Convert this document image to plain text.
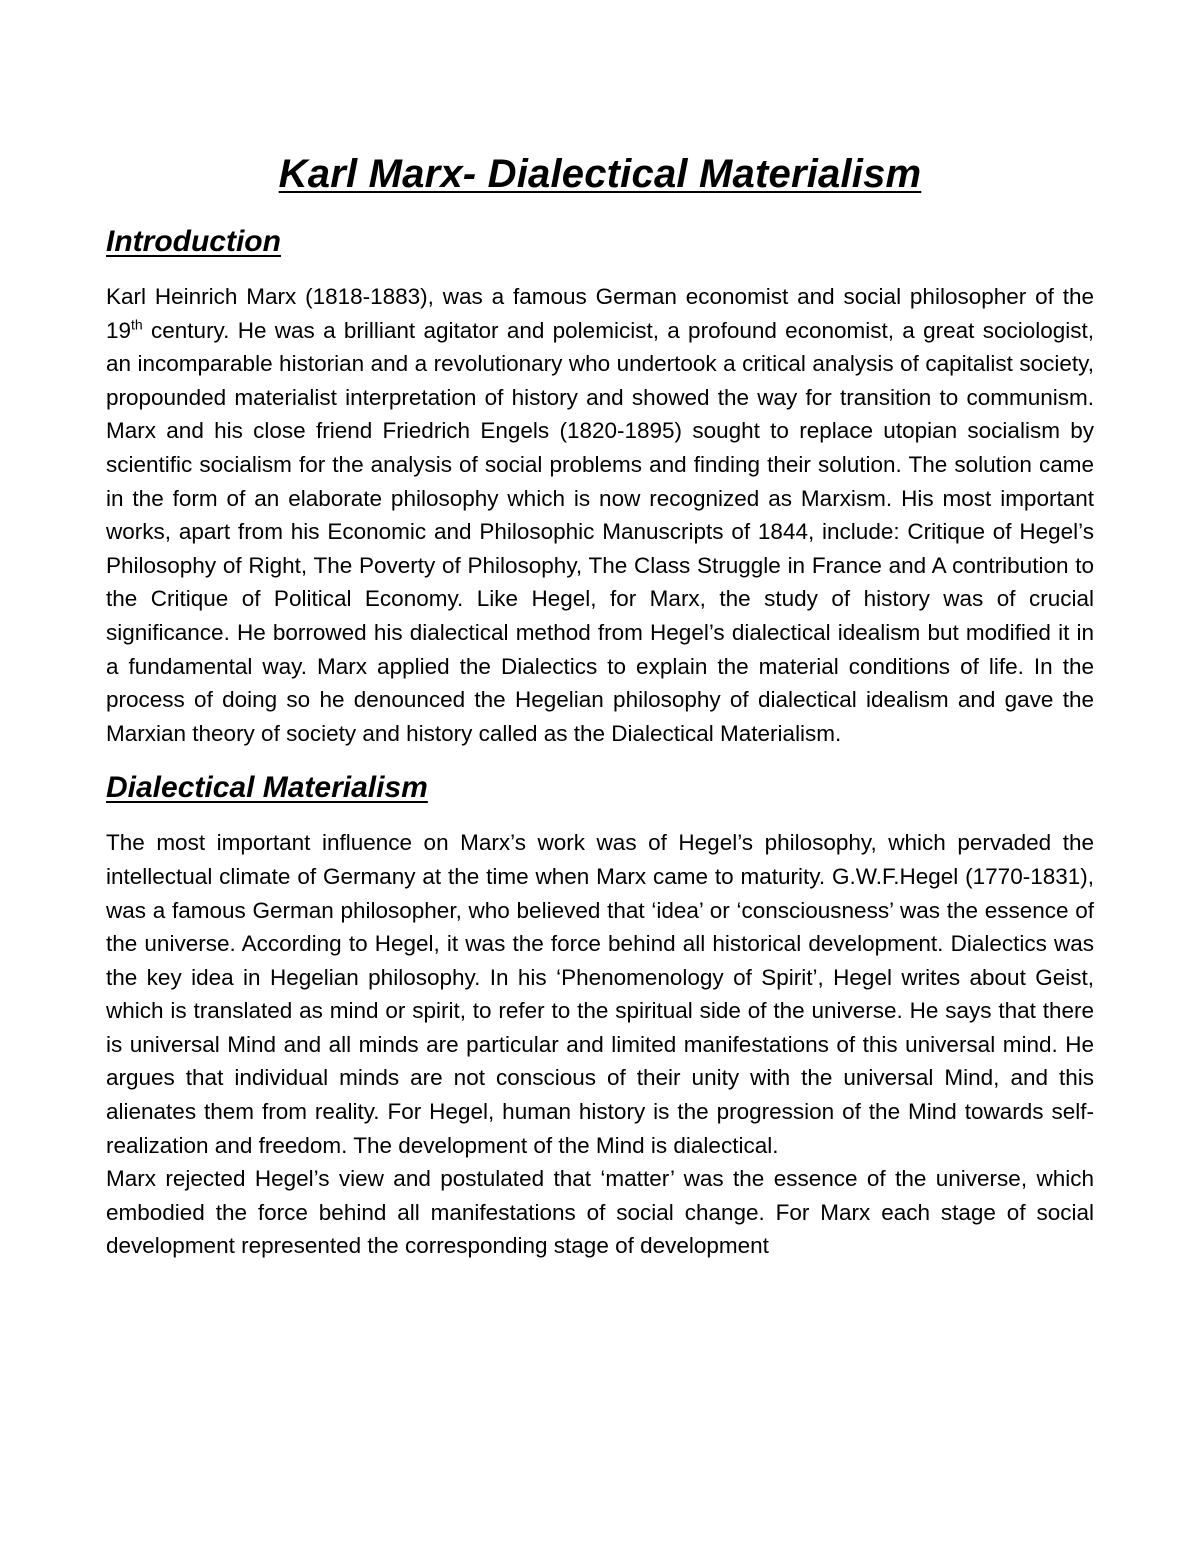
Karl Marx- Dialectical Materialism
Introduction

Karl Heinrich Marx (1818-1883), was a famous German economist and social philosopher of the 19th century. He was a brilliant agitator and polemicist, a profound economist, a great sociologist, an incomparable historian and a revolutionary who undertook a critical analysis of capitalist society, propounded materialist interpretation of history and showed the way for transition to communism. Marx and his close friend Friedrich Engels (1820-1895) sought to replace utopian socialism by scientific socialism for the analysis of social problems and finding their solution. The solution came in the form of an elaborate philosophy which is now recognized as Marxism. His most important works, apart from his Economic and Philosophic Manuscripts of 1844, include: Critique of Hegel’s Philosophy of Right, The Poverty of Philosophy, The Class Struggle in France and A contribution to the Critique of Political Economy. Like Hegel, for Marx, the study of history was of crucial significance. He borrowed his dialectical method from Hegel’s dialectical idealism but modified it in a fundamental way. Marx applied the Dialectics to explain the material conditions of life. In the process of doing so he denounced the Hegelian philosophy of dialectical idealism and gave the Marxian theory of society and history called as the Dialectical Materialism.

Dialectical Materialism

The most important influence on Marx’s work was of Hegel’s philosophy, which pervaded the intellectual climate of Germany at the time when Marx came to maturity. G.W.F.Hegel (1770-1831), was a famous German philosopher, who believed that ‘idea’ or ‘consciousness’ was the essence of the universe. According to Hegel, it was the force behind all historical development. Dialectics was the key idea in Hegelian philosophy. In his ‘Phenomenology of Spirit’, Hegel writes about Geist, which is translated as mind or spirit, to refer to the spiritual side of the universe. He says that there is universal Mind and all minds are particular and limited manifestations of this universal mind. He argues that individual minds are not conscious of their unity with the universal Mind, and this alienates them from reality. For Hegel, human history is the progression of the Mind towards self-realization and freedom. The development of the Mind is dialectical.

Marx rejected Hegel’s view and postulated that ‘matter’ was the essence of the universe, which embodied the force behind all manifestations of social change. For Marx each stage of social development represented the corresponding stage of development
